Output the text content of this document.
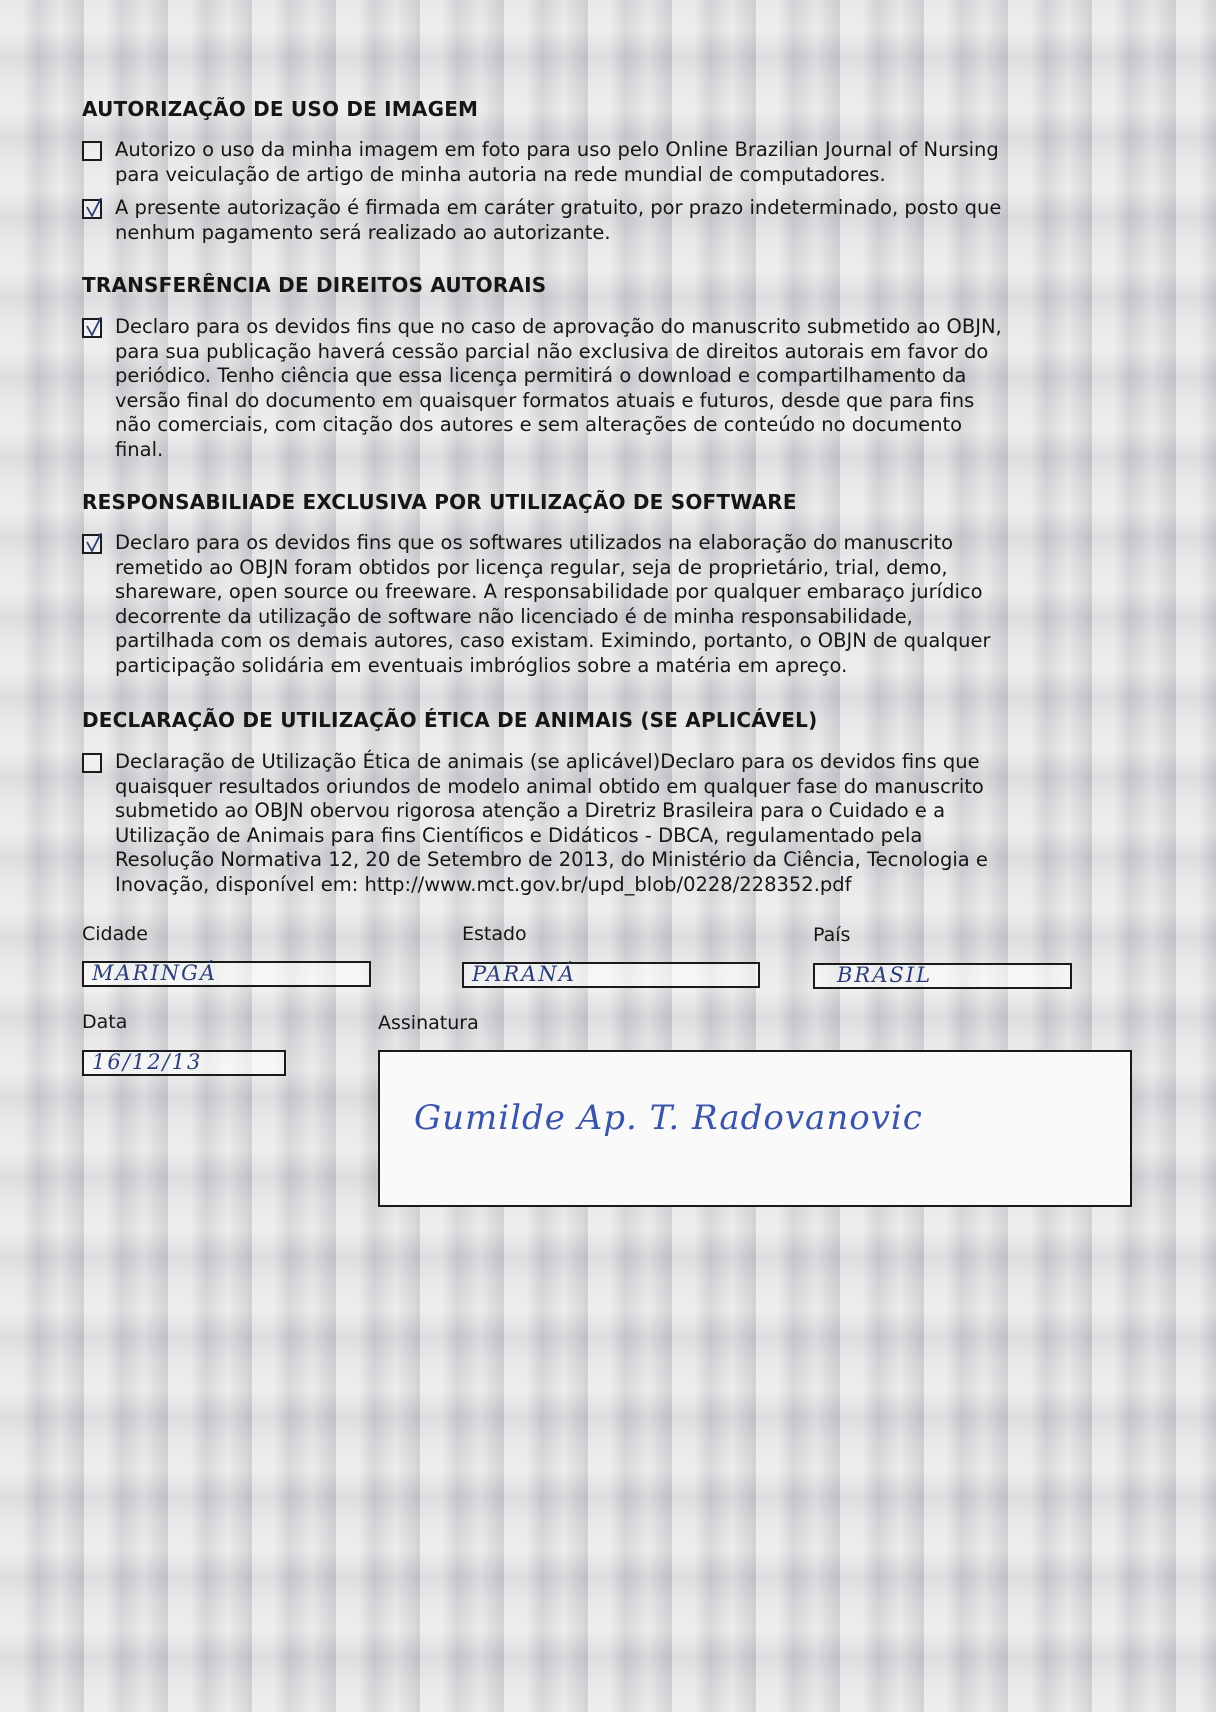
AUTORIZAÇÃO DE USO DE IMAGEM
Autorizo o uso da minha imagem em foto para uso pelo Online Brazilian Journal of Nursing
para veiculação de artigo de minha autoria na rede mundial de computadores.
A presente autorização é firmada em caráter gratuito, por prazo indeterminado, posto que
nenhum pagamento será realizado ao autorizante.
TRANSFERÊNCIA DE DIREITOS AUTORAIS
Declaro para os devidos fins que no caso de aprovação do manuscrito submetido ao OBJN,
para sua publicação haverá cessão parcial não exclusiva de direitos autorais em favor do
periódico. Tenho ciência que essa licença permitirá o download e compartilhamento da
versão final do documento em quaisquer formatos atuais e futuros, desde que para fins
não comerciais, com citação dos autores e sem alterações de conteúdo no documento
final.
RESPONSABILIADE EXCLUSIVA POR UTILIZAÇÃO DE SOFTWARE
Declaro para os devidos fins que os softwares utilizados na elaboração do manuscrito
remetido ao OBJN foram obtidos por licença regular, seja de proprietário, trial, demo,
shareware, open source ou freeware. A responsabilidade por qualquer embaraço jurídico
decorrente da utilização de software não licenciado é de minha responsabilidade,
partilhada com os demais autores, caso existam. Eximindo, portanto, o OBJN de qualquer
participação solidária em eventuais imbróglios sobre a matéria em apreço.
DECLARAÇÃO DE UTILIZAÇÃO ÉTICA DE ANIMAIS (SE APLICÁVEL)
Declaração de Utilização Ética de animais (se aplicável)Declaro para os devidos fins que
quaisquer resultados oriundos de modelo animal obtido em qualquer fase do manuscrito
submetido ao OBJN obervou rigorosa atenção a Diretriz Brasileira para o Cuidado e a
Utilização de Animais para fins Científicos e Didáticos - DBCA, regulamentado pela
Resolução Normativa 12, 20 de Setembro de 2013, do Ministério da Ciência, Tecnologia e
Inovação, disponível em: http://www.mct.gov.br/upd_blob/0228/228352.pdf
Cidade
MARINGÁ
Estado
PARANÁ
País
BRASIL
Data
16/12/13
Assinatura
Gumilde Ap. T. Radovanovic
